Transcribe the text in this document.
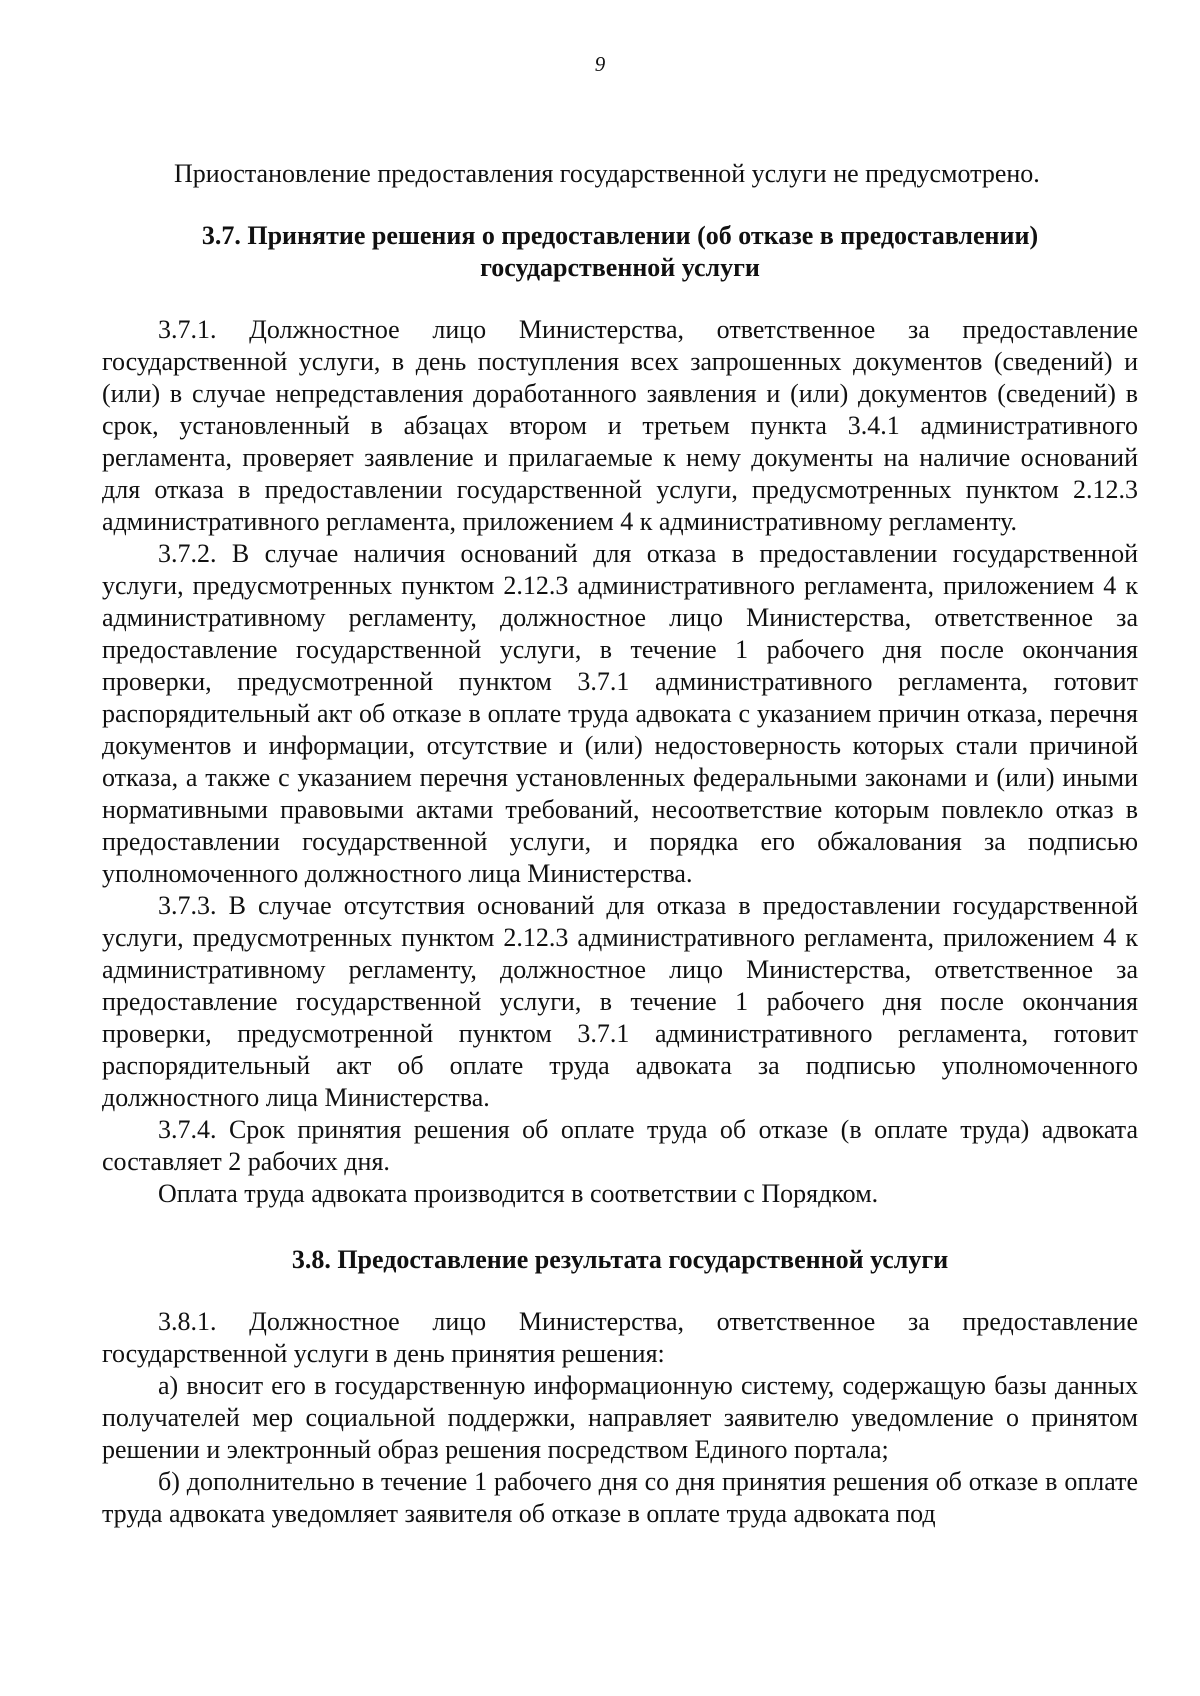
9

Приостановление предоставления государственной услуги не предусмотрено.

3.7. Принятие решения о предоставлении (об отказе в предоставлении) государственной услуги

3.7.1. Должностное лицо Министерства, ответственное за предоставление государственной услуги, в день поступления всех запрошенных документов (сведений) и (или) в случае непредставления доработанного заявления и (или) документов (сведений) в срок, установленный в абзацах втором и третьем пункта 3.4.1 административного регламента, проверяет заявление и прилагаемые к нему документы на наличие оснований для отказа в предоставлении государственной услуги, предусмотренных пунктом 2.12.3 административного регламента, приложением 4 к административному регламенту.

3.7.2. В случае наличия оснований для отказа в предоставлении государственной услуги, предусмотренных пунктом 2.12.3 административного регламента, приложением 4 к административному регламенту, должностное лицо Министерства, ответственное за предоставление государственной услуги, в течение 1 рабочего дня после окончания проверки, предусмотренной пунктом 3.7.1 административного регламента, готовит распорядительный акт об отказе в оплате труда адвоката с указанием причин отказа, перечня документов и информации, отсутствие и (или) недостоверность которых стали причиной отказа, а также с указанием перечня установленных федеральными законами и (или) иными нормативными правовыми актами требований, несоответствие которым повлекло отказ в предоставлении государственной услуги, и порядка его обжалования за подписью уполномоченного должностного лица Министерства.

3.7.3. В случае отсутствия оснований для отказа в предоставлении государственной услуги, предусмотренных пунктом 2.12.3 административного регламента, приложением 4 к административному регламенту, должностное лицо Министерства, ответственное за предоставление государственной услуги, в течение 1 рабочего дня после окончания проверки, предусмотренной пунктом 3.7.1 административного регламента, готовит распорядительный акт об оплате труда адвоката за подписью уполномоченного должностного лица Министерства.

3.7.4. Срок принятия решения об оплате труда об отказе (в оплате труда) адвоката составляет 2 рабочих дня.

Оплата труда адвоката производится в соответствии с Порядком.

3.8. Предоставление результата государственной услуги

3.8.1. Должностное лицо Министерства, ответственное за предоставление государственной услуги в день принятия решения:

а) вносит его в государственную информационную систему, содержащую базы данных получателей мер социальной поддержки, направляет заявителю уведомление о принятом решении и электронный образ решения посредством Единого портала;

б) дополнительно в течение 1 рабочего дня со дня принятия решения об отказе в оплате труда адвоката уведомляет заявителя об отказе в оплате труда адвоката под
